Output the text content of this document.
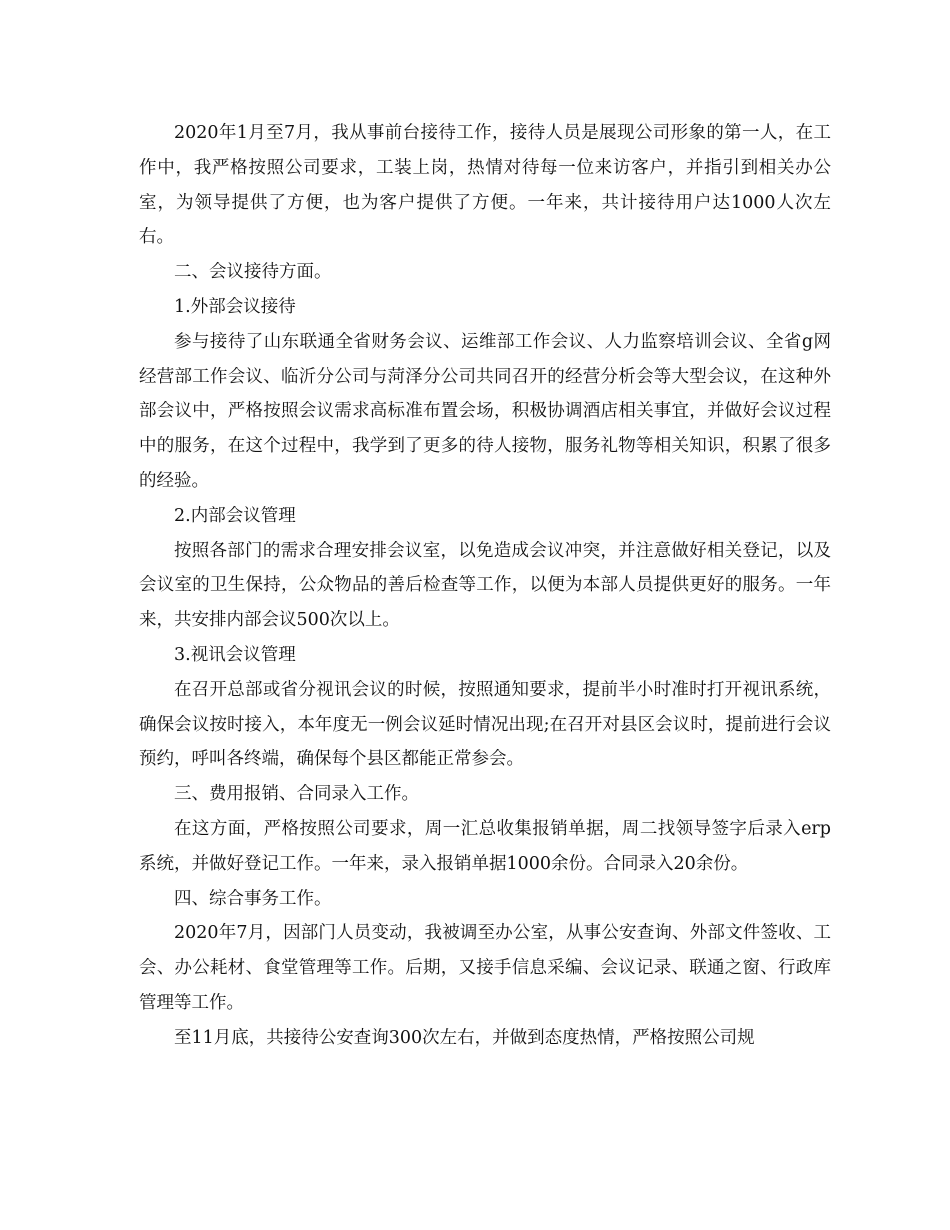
2020年1月至7月，我从事前台接待工作，接待人员是展现公司形象的第一人，在工作中，我严格按照公司要求，工装上岗，热情对待每一位来访客户，并指引到相关办公室，为领导提供了方便，也为客户提供了方便。一年来，共计接待用户达1000人次左右。

二、会议接待方面。

1.外部会议接待

参与接待了山东联通全省财务会议、运维部工作会议、人力监察培训会议、全省g网经营部工作会议、临沂分公司与菏泽分公司共同召开的经营分析会等大型会议，在这种外部会议中，严格按照会议需求高标准布置会场，积极协调酒店相关事宜，并做好会议过程中的服务，在这个过程中，我学到了更多的待人接物，服务礼物等相关知识，积累了很多的经验。

2.内部会议管理

按照各部门的需求合理安排会议室，以免造成会议冲突，并注意做好相关登记，以及会议室的卫生保持，公众物品的善后检查等工作，以便为本部人员提供更好的服务。一年来，共安排内部会议500次以上。

3.视讯会议管理

在召开总部或省分视讯会议的时候，按照通知要求，提前半小时准时打开视讯系统，确保会议按时接入，本年度无一例会议延时情况出现;在召开对县区会议时，提前进行会议预约，呼叫各终端，确保每个县区都能正常参会。

三、费用报销、合同录入工作。

在这方面，严格按照公司要求，周一汇总收集报销单据，周二找领导签字后录入erp系统，并做好登记工作。一年来，录入报销单据1000余份。合同录入20余份。

四、综合事务工作。

2020年7月，因部门人员变动，我被调至办公室，从事公安查询、外部文件签收、工会、办公耗材、食堂管理等工作。后期，又接手信息采编、会议记录、联通之窗、行政库管理等工作。

至11月底，共接待公安查询300次左右，并做到态度热情，严格按照公司规
